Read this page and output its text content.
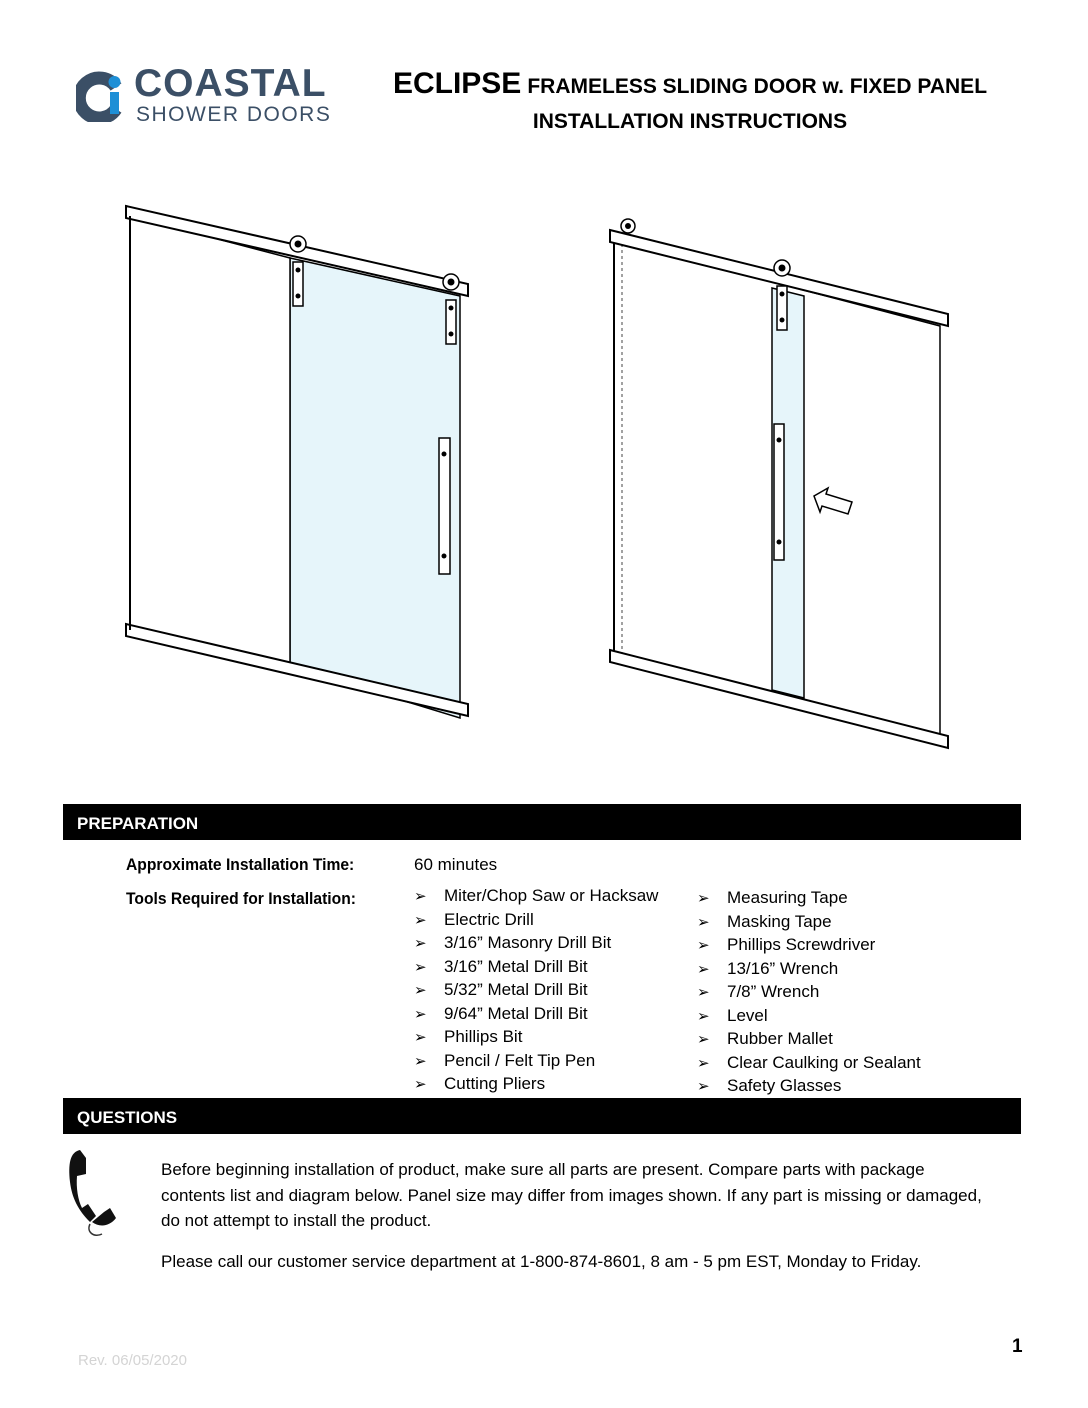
COASTAL
SHOWER DOORS
ECLIPSE FRAMELESS SLIDING DOOR w. FIXED PANEL
INSTALLATION INSTRUCTIONS
PREPARATION
Approximate Installation Time:	60 minutes
Tools Required for Installation:	➢ Miter/Chop Saw or Hacksaw
➢ Electric Drill
➢ 3/16” Masonry Drill Bit
➢ 3/16” Metal Drill Bit
➢ 5/32” Metal Drill Bit
➢ 9/64” Metal Drill Bit
➢ Phillips Bit
➢ Pencil / Felt Tip Pen
➢ Cutting Pliers
➢ Measuring Tape
➢ Masking Tape
➢ Phillips Screwdriver
➢ 13/16” Wrench
➢ 7/8” Wrench
➢ Level
➢ Rubber Mallet
➢ Clear Caulking or Sealant
➢ Safety Glasses
QUESTIONS
Before beginning installation of product, make sure all parts are present. Compare parts with package contents list and diagram below. Panel size may differ from images shown. If any part is missing or damaged, do not attempt to install the product.
Please call our customer service department at 1-800-874-8601, 8 am - 5 pm EST, Monday to Friday.
1
Rev. 06/05/2020
